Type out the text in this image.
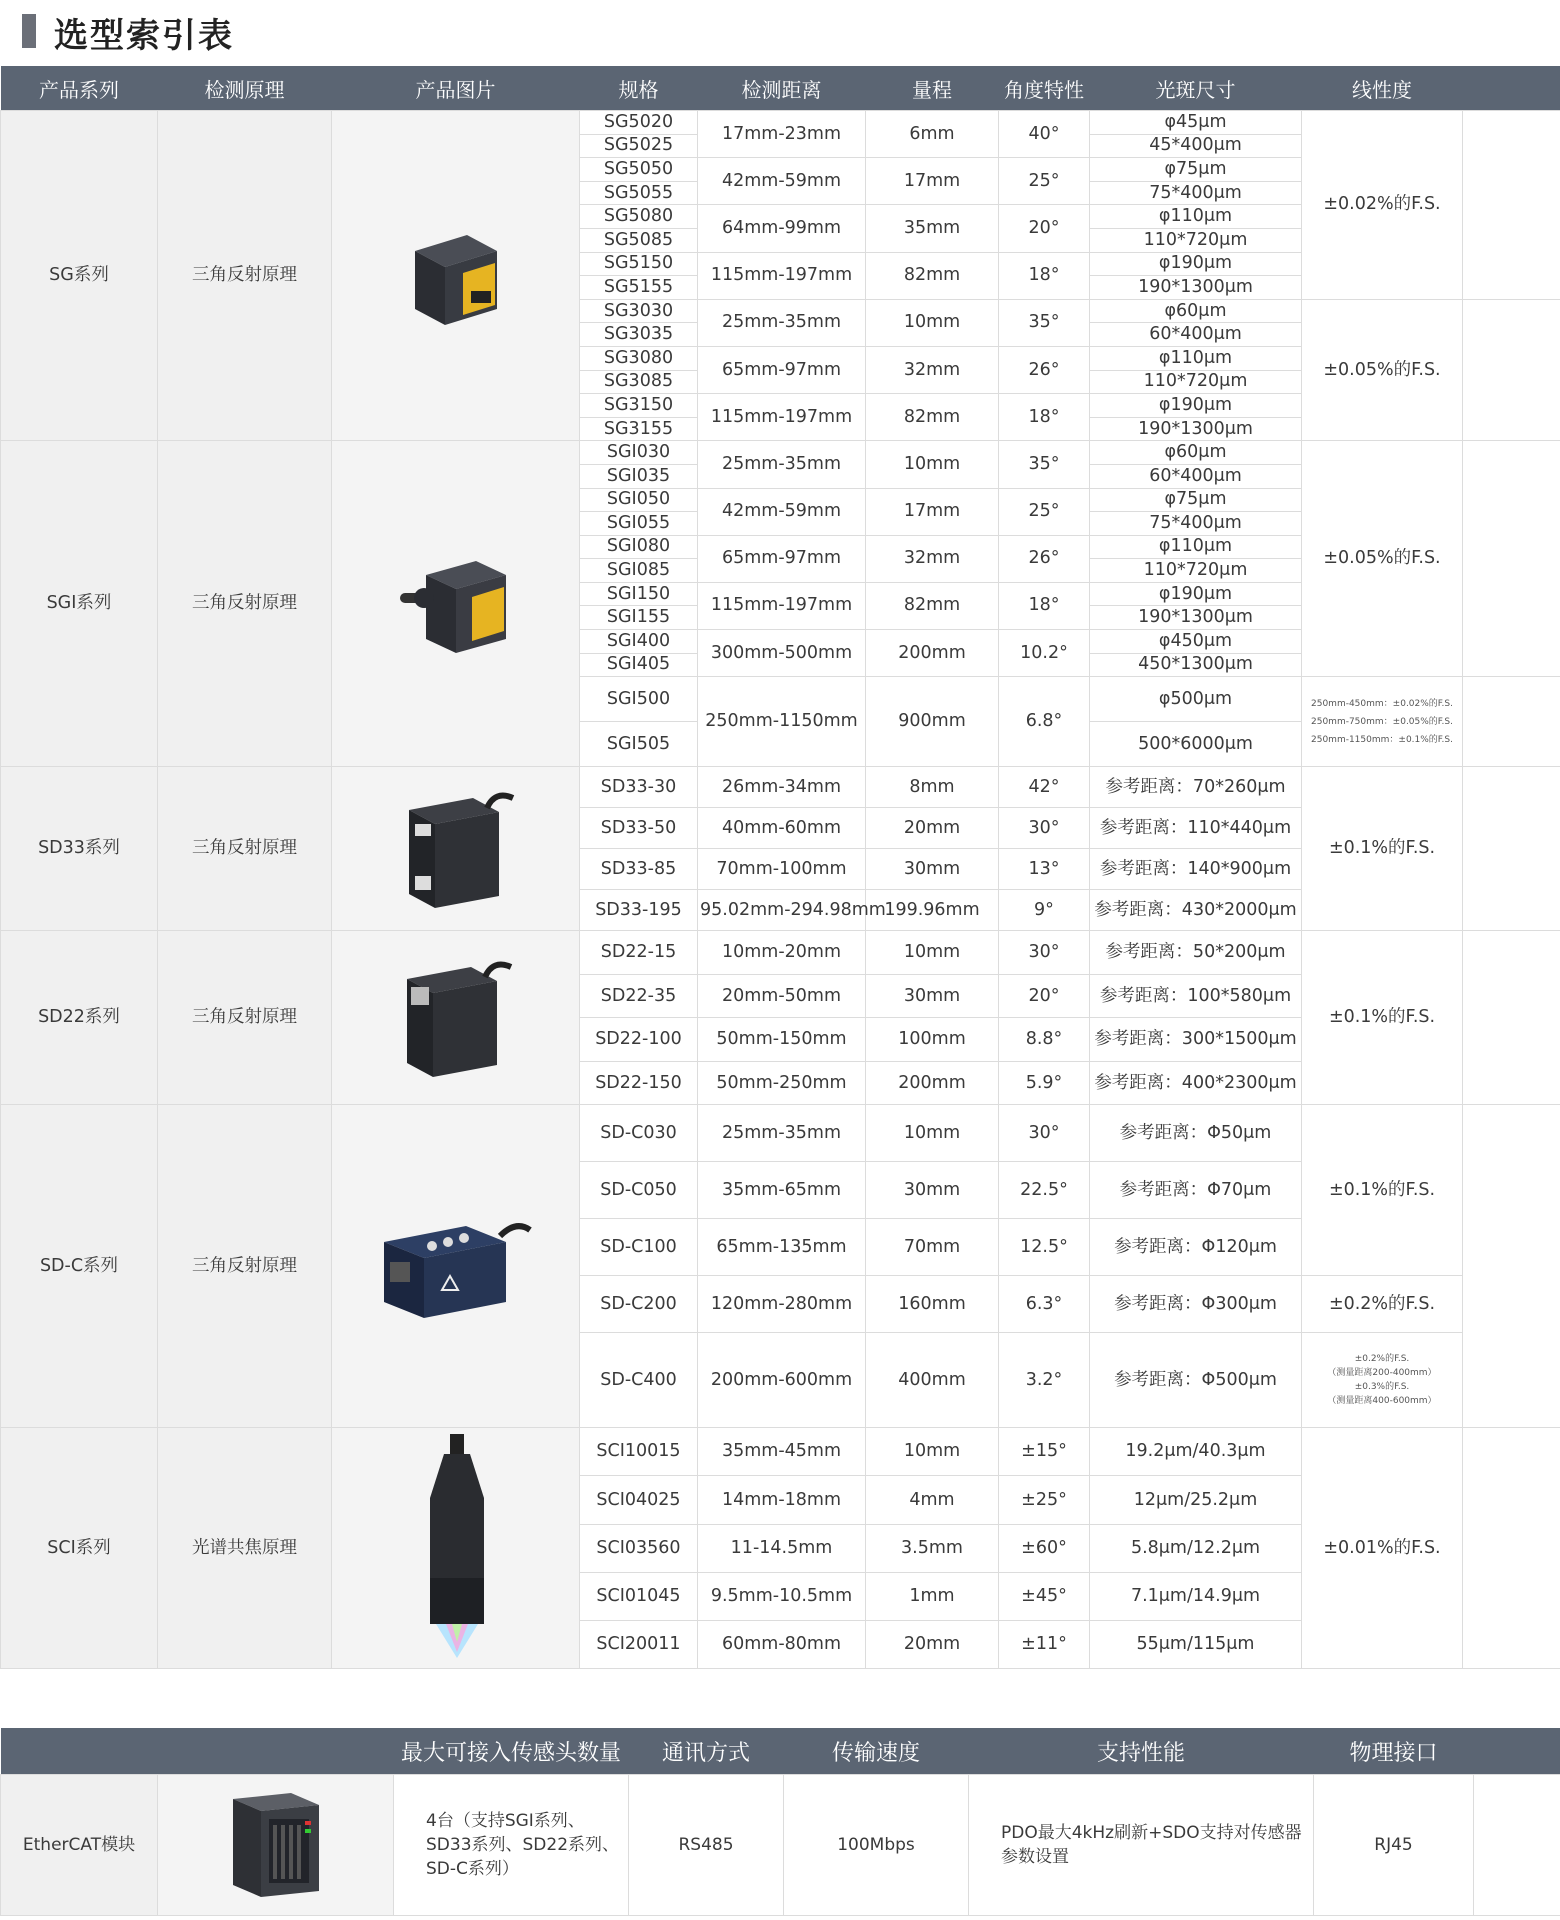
选型索引表
产品系列	检测原理	产品图片	规格	检测距离	量程	角度特性	光斑尺寸	线性度	
SG系列	三角反射原理		SG5020	17mm-23mm	6mm	40°	φ45μm	±0.02%的F.S.	
			SG5025				45*400μm		
			SG5050	42mm-59mm	17mm	25°	φ75μm		
			SG5055				75*400μm		
			SG5080	64mm-99mm	35mm	20°	φ110μm		
			SG5085				110*720μm		
			SG5150	115mm-197mm	82mm	18°	φ190μm		
			SG5155				190*1300μm		
			SG3030	25mm-35mm	10mm	35°	φ60μm	±0.05%的F.S.	
			SG3035				60*400μm		
			SG3080	65mm-97mm	32mm	26°	φ110μm		
			SG3085				110*720μm		
			SG3150	115mm-197mm	82mm	18°	φ190μm		
			SG3155				190*1300μm		
SGI系列	三角反射原理		SGI030	25mm-35mm	10mm	35°	φ60μm	±0.05%的F.S.	
			SGI035				60*400μm		
			SGI050	42mm-59mm	17mm	25°	φ75μm		
			SGI055				75*400μm		
			SGI080	65mm-97mm	32mm	26°	φ110μm		
			SGI085				110*720μm		
			SGI150	115mm-197mm	82mm	18°	φ190μm		
			SGI155				190*1300μm		
			SGI400	300mm-500mm	200mm	10.2°	φ450μm		
			SGI405				450*1300μm		
			SGI500	250mm-1150mm	900mm	6.8°	φ500μm	250mm-450mm：±0.02%的F.S.
250mm-750mm：±0.05%的F.S.
250mm-1150mm：±0.1%的F.S.	

			SGI505				500*6000μm		
SD33系列	三角反射原理		SD33-30	26mm-34mm	8mm	42°	参考距离：70*260μm	±0.1%的F.S.	
			SD33-50	40mm-60mm	20mm	30°	参考距离：110*440μm		
			SD33-85	70mm-100mm	30mm	13°	参考距离：140*900μm		
			SD33-195	95.02mm-294.98mm	199.96mm	9°	参考距离：430*2000μm		
SD22系列	三角反射原理		SD22-15	10mm-20mm	10mm	30°	参考距离：50*200μm	±0.1%的F.S.	
			SD22-35	20mm-50mm	30mm	20°	参考距离：100*580μm		
			SD22-100	50mm-150mm	100mm	8.8°	参考距离：300*1500μm		
			SD22-150	50mm-250mm	200mm	5.9°	参考距离：400*2300μm		
SD-C系列	三角反射原理		SD-C030	25mm-35mm	10mm	30°	参考距离：Φ50μm	±0.1%的F.S.	
			SD-C050	35mm-65mm	30mm	22.5°	参考距离：Φ70μm		
			SD-C100	65mm-135mm	70mm	12.5°	参考距离：Φ120μm		
			SD-C200	120mm-280mm	160mm	6.3°	参考距离：Φ300μm	±0.2%的F.S.	
			SD-C400	200mm-600mm	400mm	3.2°	参考距离：Φ500μm	±0.2%的F.S.
（测量距离200-400mm）
±0.3%的F.S.
（测量距离400-600mm）	

SCI系列	光谱共焦原理		SCI10015	35mm-45mm	10mm	±15°	19.2μm/40.3μm	±0.01%的F.S.	
			SCI04025	14mm-18mm	4mm	±25°	12μm/25.2μm		
			SCI03560	11-14.5mm	3.5mm	±60°	5.8μm/12.2μm		
			SCI01045	9.5mm-10.5mm	1mm	±45°	7.1μm/14.9μm		
			SCI20011	60mm-80mm	20mm	±11°	55μm/115μm		
		最大可接入传感头数量	通讯方式	传输速度	支持性能	物理接口	
EtherCAT模块		4台（支持SGI系列、SD33系列、SD22系列、SD-C系列）	RS485	100Mbps	PDO最大4kHz刷新+SDO支持对传感器参数设置	RJ45	
